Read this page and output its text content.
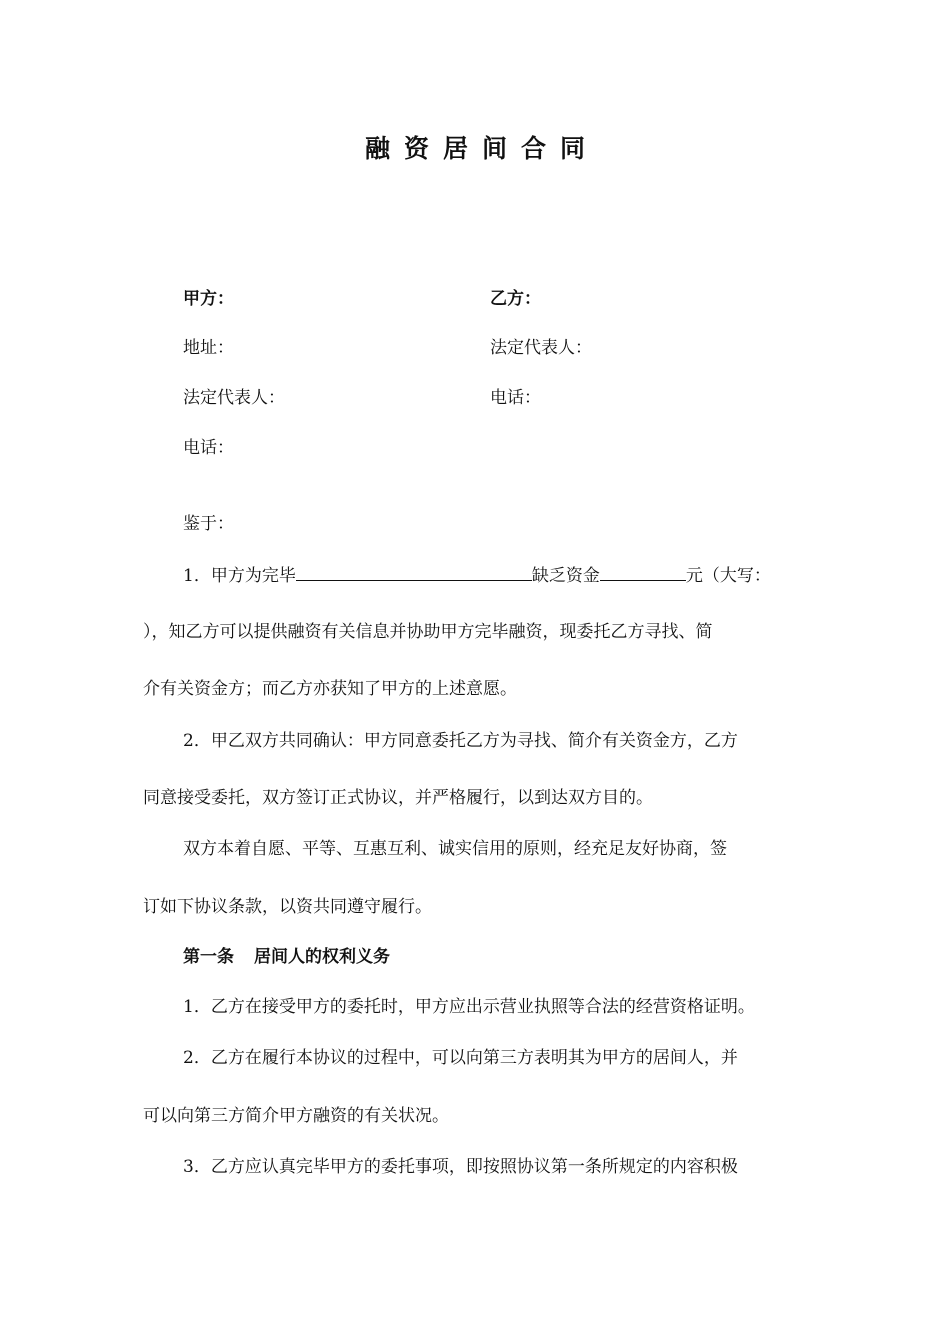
融资居间合同
甲方：	乙方：
地址：	法定代表人：
法定代表人：	电话：
电话：
鉴于：
1．甲方为完毕	缺乏资金	元（大写：
），知乙方可以提供融资有关信息并协助甲方完毕融资，现委托乙方寻找、简
介有关资金方；而乙方亦获知了甲方的上述意愿。
2．甲乙双方共同确认：甲方同意委托乙方为寻找、简介有关资金方，乙方
同意接受委托，双方签订正式协议，并严格履行，以到达双方目的。
双方本着自愿、平等、互惠互利、诚实信用的原则，经充足友好协商，签
订如下协议条款，以资共同遵守履行。
第一条 居间人的权利义务
1．乙方在接受甲方的委托时，甲方应出示营业执照等合法的经营资格证明。
2．乙方在履行本协议的过程中，可以向第三方表明其为甲方的居间人，并
可以向第三方简介甲方融资的有关状况。
3．乙方应认真完毕甲方的委托事项，即按照协议第一条所规定的内容积极
